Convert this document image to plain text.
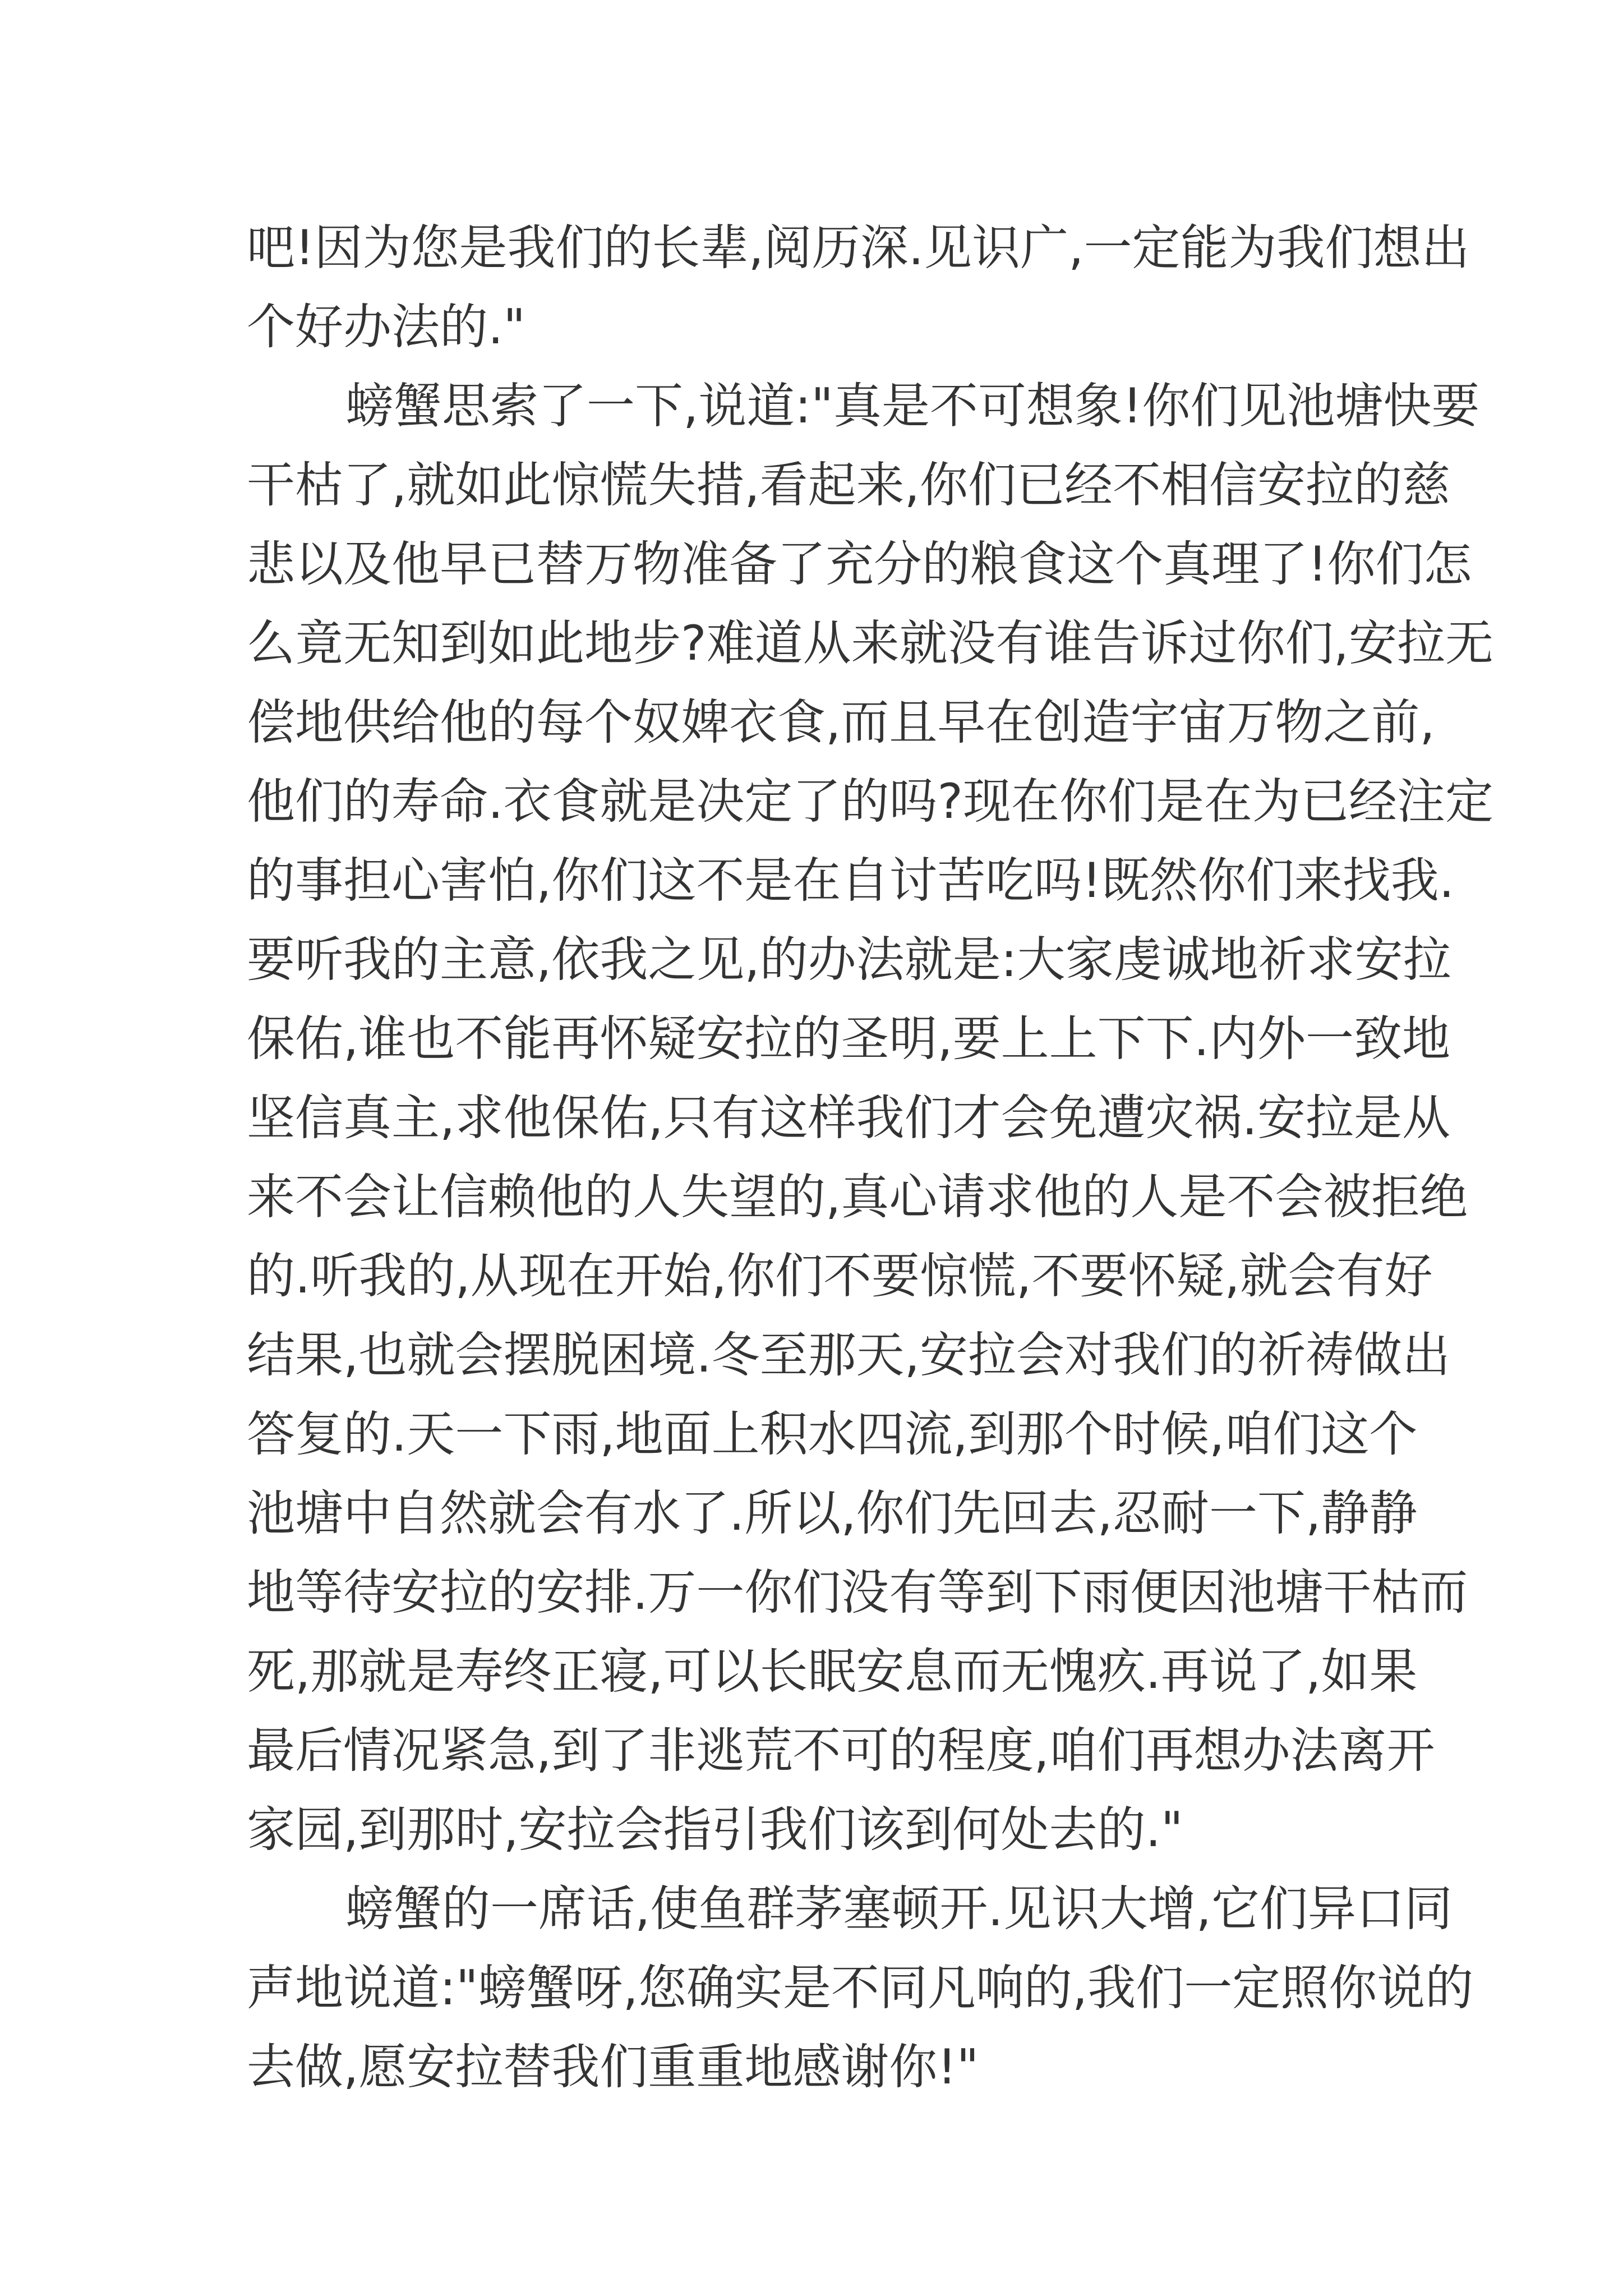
吧!因为您是我们的长辈,阅历深.见识广,一定能为我们想出
个好办法的."
螃蟹思索了一下,说道:"真是不可想象!你们见池塘快要
干枯了,就如此惊慌失措,看起来,你们已经不相信安拉的慈
悲以及他早已替万物准备了充分的粮食这个真理了!你们怎
么竟无知到如此地步?难道从来就没有谁告诉过你们,安拉无
偿地供给他的每个奴婢衣食,而且早在创造宇宙万物之前,
他们的寿命.衣食就是决定了的吗?现在你们是在为已经注定
的事担心害怕,你们这不是在自讨苦吃吗!既然你们来找我.
要听我的主意,依我之见,的办法就是:大家虔诚地祈求安拉
保佑,谁也不能再怀疑安拉的圣明,要上上下下.内外一致地
坚信真主,求他保佑,只有这样我们才会免遭灾祸.安拉是从
来不会让信赖他的人失望的,真心请求他的人是不会被拒绝
的.听我的,从现在开始,你们不要惊慌,不要怀疑,就会有好
结果,也就会摆脱困境.冬至那天,安拉会对我们的祈祷做出
答复的.天一下雨,地面上积水四流,到那个时候,咱们这个
池塘中自然就会有水了.所以,你们先回去,忍耐一下,静静
地等待安拉的安排.万一你们没有等到下雨便因池塘干枯而
死,那就是寿终正寝,可以长眠安息而无愧疚.再说了,如果
最后情况紧急,到了非逃荒不可的程度,咱们再想办法离开
家园,到那时,安拉会指引我们该到何处去的."
螃蟹的一席话,使鱼群茅塞顿开.见识大增,它们异口同
声地说道:"螃蟹呀,您确实是不同凡响的,我们一定照你说的
去做,愿安拉替我们重重地感谢你!"
